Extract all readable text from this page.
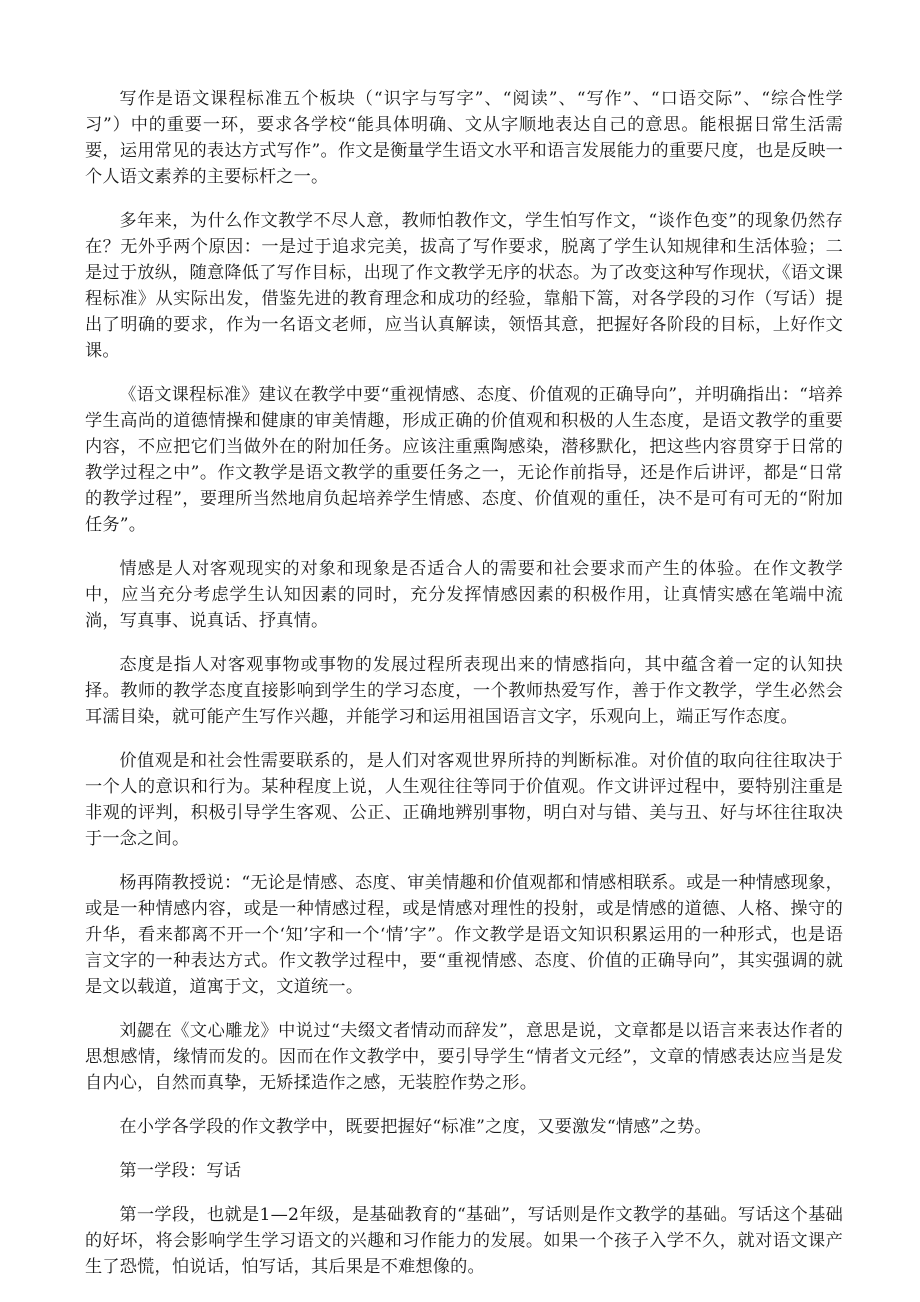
写作是语文课程标准五个板块（“识字与写字”、“阅读”、“写作”、“口语交际”、“综合性学习”）中的重要一环，要求各学校“能具体明确、文从字顺地表达自己的意思。能根据日常生活需要，运用常见的表达方式写作”。作文是衡量学生语文水平和语言发展能力的重要尺度，也是反映一个人语文素养的主要标杆之一。

多年来，为什么作文教学不尽人意，教师怕教作文，学生怕写作文，“谈作色变”的现象仍然存在？无外乎两个原因：一是过于追求完美，拔高了写作要求，脱离了学生认知规律和生活体验；二是过于放纵，随意降低了写作目标，出现了作文教学无序的状态。为了改变这种写作现状，《语文课程标准》从实际出发，借鉴先进的教育理念和成功的经验，靠船下篙，对各学段的习作（写话）提出了明确的要求，作为一名语文老师，应当认真解读，领悟其意，把握好各阶段的目标，上好作文课。

《语文课程标准》建议在教学中要“重视情感、态度、价值观的正确导向”，并明确指出：“培养学生高尚的道德情操和健康的审美情趣，形成正确的价值观和积极的人生态度，是语文教学的重要内容，不应把它们当做外在的附加任务。应该注重熏陶感染，潜移默化，把这些内容贯穿于日常的教学过程之中”。作文教学是语文教学的重要任务之一，无论作前指导，还是作后讲评，都是“日常的教学过程”，要理所当然地肩负起培养学生情感、态度、价值观的重任，决不是可有可无的“附加任务”。

情感是人对客观现实的对象和现象是否适合人的需要和社会要求而产生的体验。在作文教学中，应当充分考虑学生认知因素的同时，充分发挥情感因素的积极作用，让真情实感在笔端中流淌，写真事、说真话、抒真情。

态度是指人对客观事物或事物的发展过程所表现出来的情感指向，其中蕴含着一定的认知抉择。教师的教学态度直接影响到学生的学习态度，一个教师热爱写作，善于作文教学，学生必然会耳濡目染，就可能产生写作兴趣，并能学习和运用祖国语言文字，乐观向上，端正写作态度。

价值观是和社会性需要联系的，是人们对客观世界所持的判断标准。对价值的取向往往取决于一个人的意识和行为。某种程度上说，人生观往往等同于价值观。作文讲评过程中，要特别注重是非观的评判，积极引导学生客观、公正、正确地辨别事物，明白对与错、美与丑、好与坏往往取决于一念之间。

杨再隋教授说：“无论是情感、态度、审美情趣和价值观都和情感相联系。或是一种情感现象，或是一种情感内容，或是一种情感过程，或是情感对理性的投射，或是情感的道德、人格、操守的升华，看来都离不开一个‘知’字和一个‘情’字”。作文教学是语文知识积累运用的一种形式，也是语言文字的一种表达方式。作文教学过程中，要“重视情感、态度、价值的正确导向”，其实强调的就是文以载道，道寓于文，文道统一。

刘勰在《文心雕龙》中说过“夫缀文者情动而辞发”，意思是说，文章都是以语言来表达作者的思想感情，缘情而发的。因而在作文教学中，要引导学生“情者文元经”，文章的情感表达应当是发自内心，自然而真挚，无矫揉造作之感，无装腔作势之形。

在小学各学段的作文教学中，既要把握好“标准”之度，又要激发“情感”之势。

第一学段：写话

第一学段，也就是1—2年级，是基础教育的“基础”，写话则是作文教学的基础。写话这个基础的好坏，将会影响学生学习语文的兴趣和习作能力的发展。如果一个孩子入学不久，就对语文课产生了恐慌，怕说话，怕写话，其后果是不难想像的。
